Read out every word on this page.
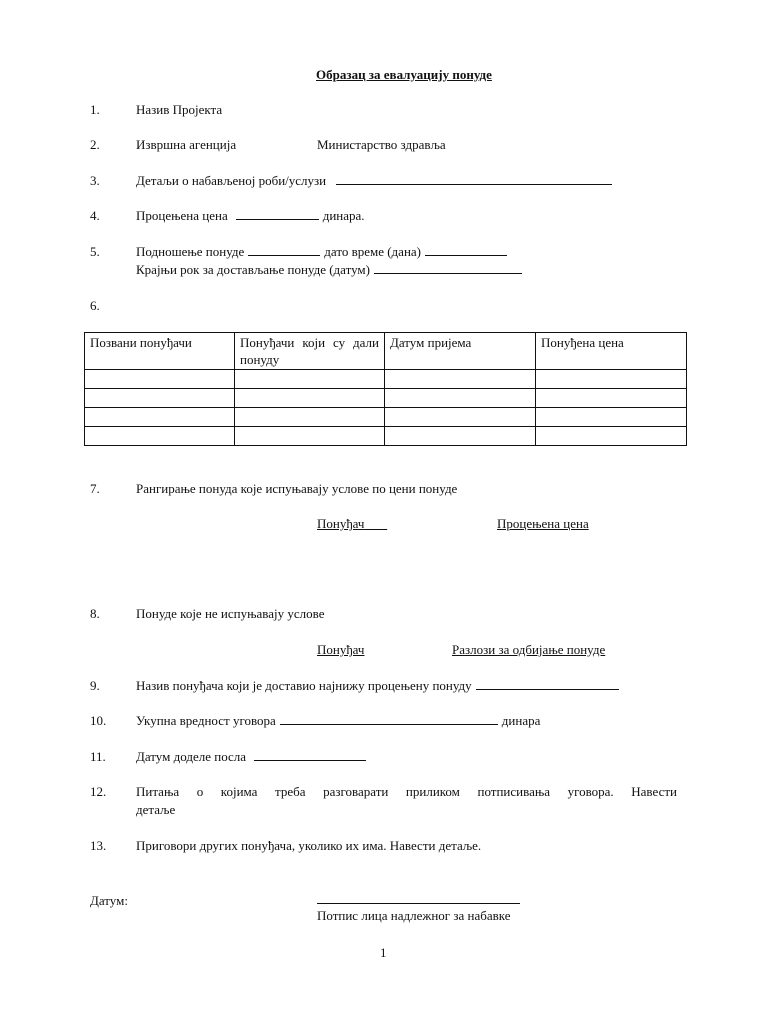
Образац за евалуацију понуде
1.	Назив Пројекта
2.	Извршна агенција	Министарство здравља
3.	Детаљи о набављеној роби/услузи
4.	Процењена цена	динара.
5.	Подношење понуде	дато време (дана)
Крајњи рок за достављање понуде (датум)
6.
Позвани понуђачи	Понуђачи који су дали понуду	Датум пријема	Понуђена цена

7.	Рангирање понуда које испуњавају услове по цени понуде
Понуђач	Процењена цена
8.	Понуде које не испуњавају услове
Понуђач	Разлози за одбијање понуде
9.	Назив понуђача који је доставио најнижу процењену понуду
10. Укупна вредност уговора	динара
11. Датум доделе посла
12. Питања о којима треба разговарати приликом потписивања уговора. Навести
детаље
13. Приговори других понуђача, уколико их има. Навести детаље.
Датум:
Потпис лица надлежног за набавке
1
